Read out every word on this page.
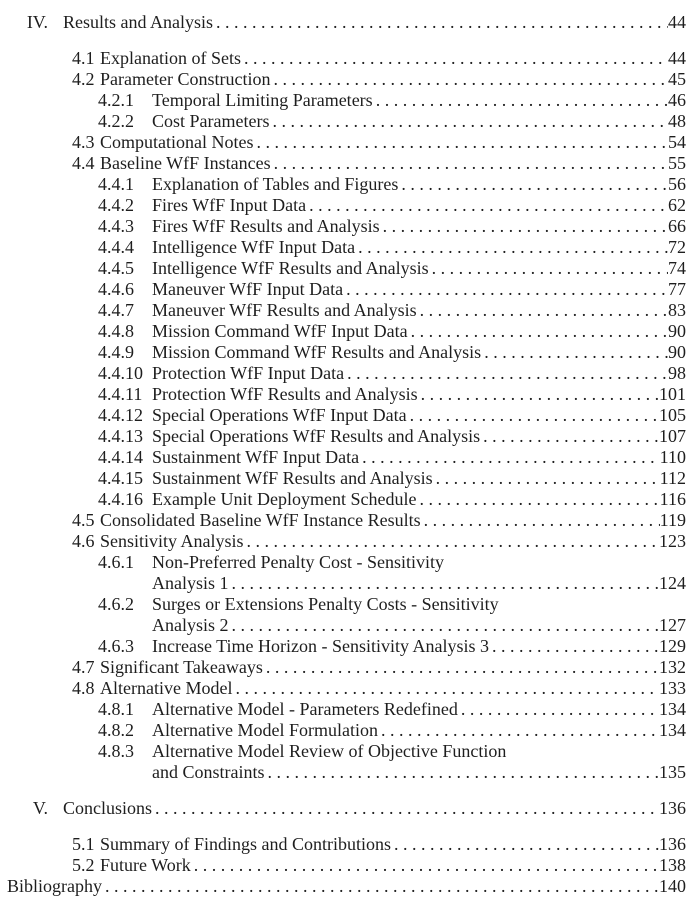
IV. Results and Analysis . . .	44
4.1 Explanation of Sets . . .	44
4.2 Parameter Construction . . .	45
4.2.1	Temporal Limiting Parameters . . .	46
4.2.2	Cost Parameters . . .	48
4.3 Computational Notes . . .	54
4.4 Baseline WfF Instances . . .	55
4.4.1	Explanation of Tables and Figures . . .	56
4.4.2	Fires WfF Input Data . . .	62
4.4.3	Fires WfF Results and Analysis . . .	66
4.4.4	Intelligence WfF Input Data . . .	72
4.4.5	Intelligence WfF Results and Analysis . . .	74
4.4.6	Maneuver WfF Input Data . . .	77
4.4.7	Maneuver WfF Results and Analysis . . .	83
4.4.8	Mission Command WfF Input Data . . .	90
4.4.9	Mission Command WfF Results and Analysis . . .	90
4.4.10 Protection WfF Input Data . . .	98
4.4.11 Protection WfF Results and Analysis . . .	101
4.4.12 Special Operations WfF Input Data . . .	105
4.4.13 Special Operations WfF Results and Analysis . . .	107
4.4.14 Sustainment WfF Input Data . . .	110
4.4.15 Sustainment WfF Results and Analysis . . .	112
4.4.16 Example Unit Deployment Schedule . . .	116
4.5 Consolidated Baseline WfF Instance Results . . .	119
4.6 Sensitivity Analysis . . .	123
4.6.1	Non-Preferred Penalty Cost - Sensitivity
Analysis 1 . . .	124
4.6.2	Surges or Extensions Penalty Costs - Sensitivity
Analysis 2 . . .	127
4.6.3	Increase Time Horizon - Sensitivity Analysis 3 . . .	129
4.7 Significant Takeaways . . .	132
4.8 Alternative Model . . .	133
4.8.1	Alternative Model - Parameters Redefined . . .	134
4.8.2	Alternative Model Formulation . . .	134
4.8.3	Alternative Model Review of Objective Function
and Constraints . . .	135
V. Conclusions . . .	136
5.1 Summary of Findings and Contributions . . .	136
5.2 Future Work . . .	138
Bibliography . . .	140
